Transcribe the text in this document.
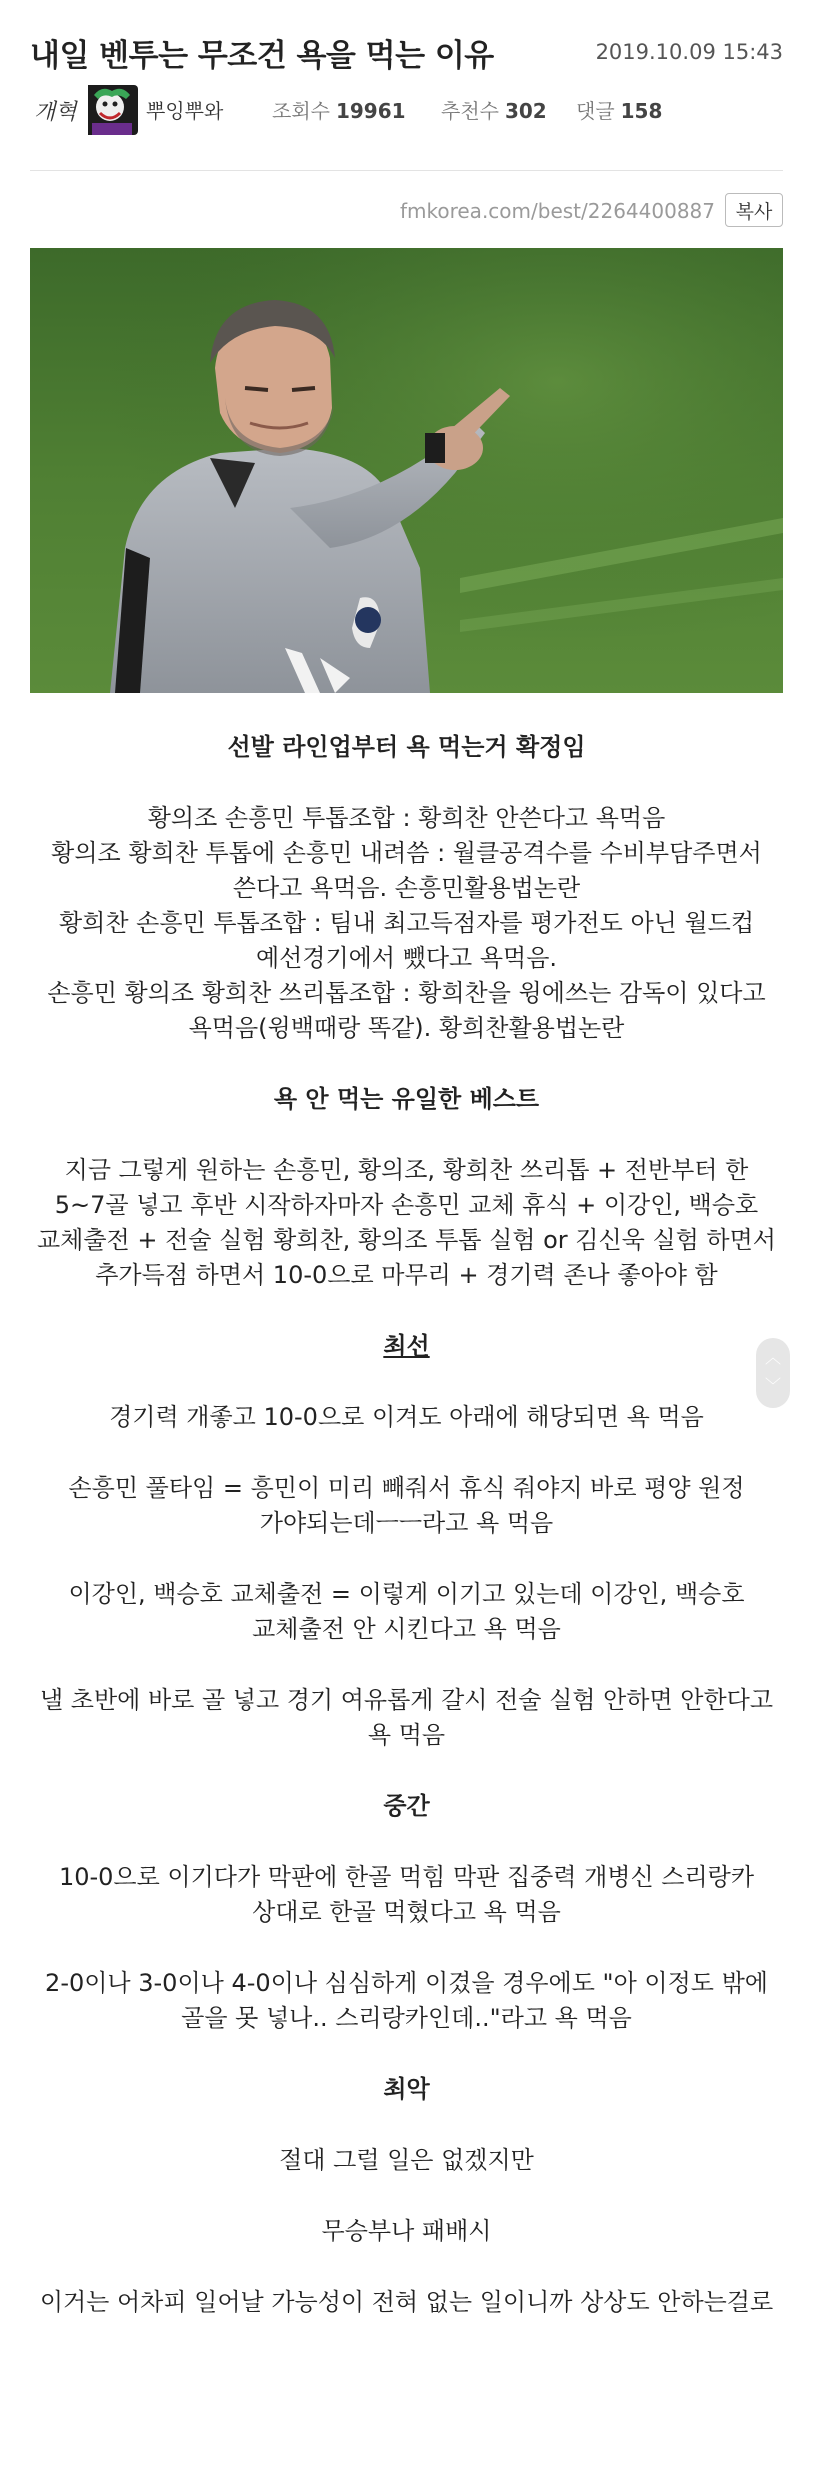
내일 벤투는 무조건 욕을 먹는 이유	2019.10.09 15:43
개혁	뿌잉뿌와 조회수 19961 추천수 302 댓글 158
fmkorea.com/best/2264400887	복사

선발 라인업부터 욕 먹는거 확정임

황의조 손흥민 투톱조합 : 황희찬 안쓴다고 욕먹음
황의조 황희찬 투톱에 손흥민 내려씀 : 월클공격수를 수비부담주면서 쓴다고 욕먹음. 손흥민활용법논란
황희찬 손흥민 투톱조합 : 팀내 최고득점자를 평가전도 아닌 월드컵 예선경기에서 뺐다고 욕먹음.
손흥민 황의조 황희찬 쓰리톱조합 : 황희찬을 윙에쓰는 감독이 있다고 욕먹음(윙백때랑 똑같). 황희찬활용법논란

욕 안 먹는 유일한 베스트

지금 그렇게 원하는 손흥민, 황의조, 황희찬 쓰리톱 + 전반부터 한 5~7골 넣고 후반 시작하자마자 손흥민 교체 휴식 + 이강인, 백승호 교체출전 + 전술 실험 황희찬, 황의조 투톱 실험 or 김신욱 실험 하면서 추가득점 하면서 10-0으로 마무리 + 경기력 존나 좋아야 함

최선

경기력 개좋고 10-0으로 이겨도 아래에 해당되면 욕 먹음

손흥민 풀타임 = 흥민이 미리 빼줘서 휴식 줘야지 바로 평양 원정 가야되는데ㅡㅡ라고 욕 먹음

이강인, 백승호 교체출전 = 이렇게 이기고 있는데 이강인, 백승호 교체출전 안 시킨다고 욕 먹음

낼 초반에 바로 골 넣고 경기 여유롭게 갈시 전술 실험 안하면 안한다고 욕 먹음

중간

10-0으로 이기다가 막판에 한골 먹힘 막판 집중력 개병신 스리랑카 상대로 한골 먹혔다고 욕 먹음

2-0이나 3-0이나 4-0이나 심심하게 이겼을 경우에도 "아 이정도 밖에 골을 못 넣나.. 스리랑카인데.."라고 욕 먹음

최악

절대 그럴 일은 없겠지만

무승부나 패배시

이거는 어차피 일어날 가능성이 전혀 없는 일이니까 상상도 안하는걸로

︿
﹀
